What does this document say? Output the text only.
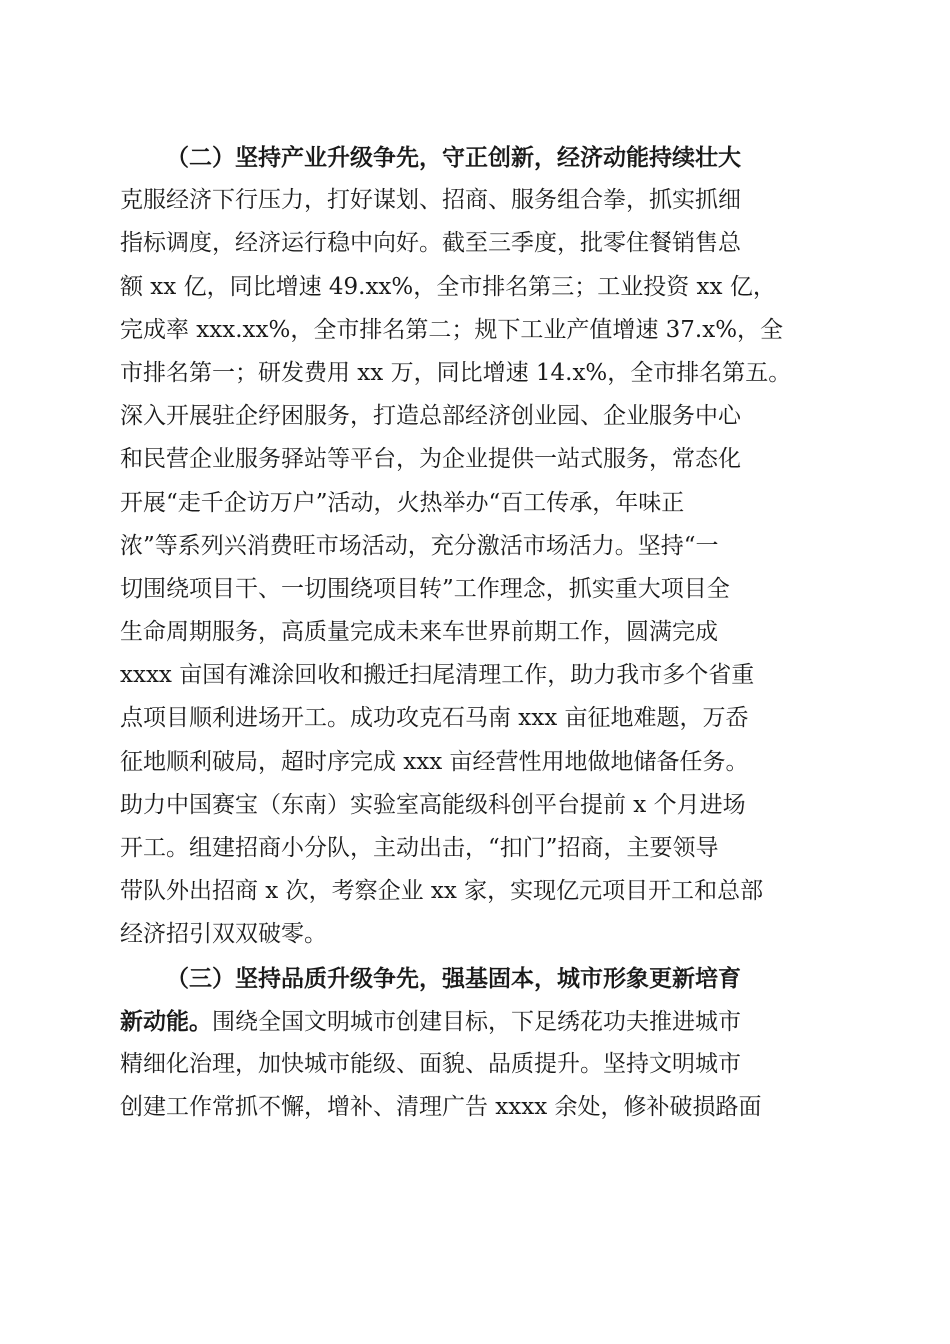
（二）坚持产业升级争先，守正创新，经济动能持续壮大
克服经济下行压力，打好谋划、招商、服务组合拳，抓实抓细
指标调度，经济运行稳中向好。截至三季度，批零住餐销售总
额 xx 亿，同比增速 49.xx%，全市排名第三；工业投资 xx 亿，
完成率 xxx.xx%，全市排名第二；规下工业产值增速 37.x%，全
市排名第一；研发费用 xx 万，同比增速 14.x%，全市排名第五。
深入开展驻企纾困服务，打造总部经济创业园、企业服务中心
和民营企业服务驿站等平台，为企业提供一站式服务，常态化
开展“走千企访万户”活动，火热举办“百工传承，年味正
浓”等系列兴消费旺市场活动，充分激活市场活力。坚持“一
切围绕项目干、一切围绕项目转”工作理念，抓实重大项目全
生命周期服务，高质量完成未来车世界前期工作，圆满完成
xxxx 亩国有滩涂回收和搬迁扫尾清理工作，助力我市多个省重
点项目顺利进场开工。成功攻克石马南 xxx 亩征地难题，万岙
征地顺利破局，超时序完成 xxx 亩经营性用地做地储备任务。
助力中国赛宝（东南）实验室高能级科创平台提前 x 个月进场
开工。组建招商小分队，主动出击，“扣门”招商，主要领导
带队外出招商 x 次，考察企业 xx 家，实现亿元项目开工和总部
经济招引双双破零。
（三）坚持品质升级争先，强基固本，城市形象更新培育
新动能。围绕全国文明城市创建目标，下足绣花功夫推进城市
精细化治理，加快城市能级、面貌、品质提升。坚持文明城市
创建工作常抓不懈，增补、清理广告 xxxx 余处，修补破损路面
